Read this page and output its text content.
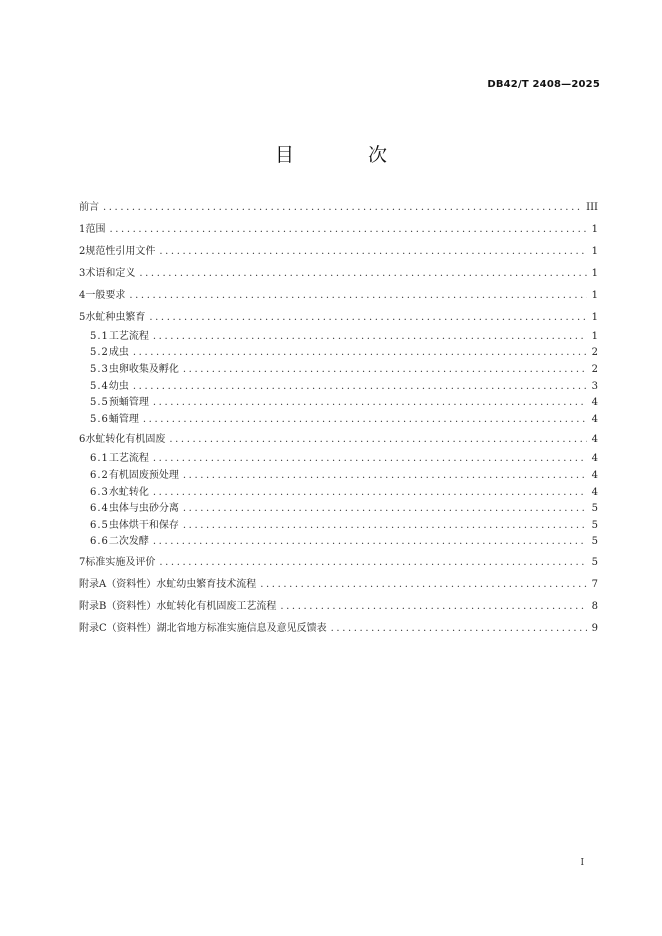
DB42/T 2408—2025
目 次
前言 .....	III
1 范围 .....	1
2 规范性引用文件 .....	1
3 术语和定义 .....	1
4 一般要求 .....	1
5 水虻种虫繁育 .....	1
5.1 工艺流程 .....	1
5.2 成虫 .....	2
5.3 虫卵收集及孵化 .....	2
5.4 幼虫 .....	3
5.5 预蛹管理 .....	4
5.6 蛹管理 .....	4
6 水虻转化有机固废 .....	4
6.1 工艺流程 .....	4
6.2 有机固废预处理 .....	4
6.3 水虻转化 .....	4
6.4 虫体与虫砂分离 .....	5
6.5 虫体烘干和保存 .....	5
6.6 二次发酵 .....	5
7 标准实施及评价 .....	5
附录A（资料性） 水虻幼虫繁育技术流程 .....	7
附录B（资料性） 水虻转化有机固废工艺流程 .....	8
附录C（资料性） 湖北省地方标准实施信息及意见反馈表 .....	9
I
